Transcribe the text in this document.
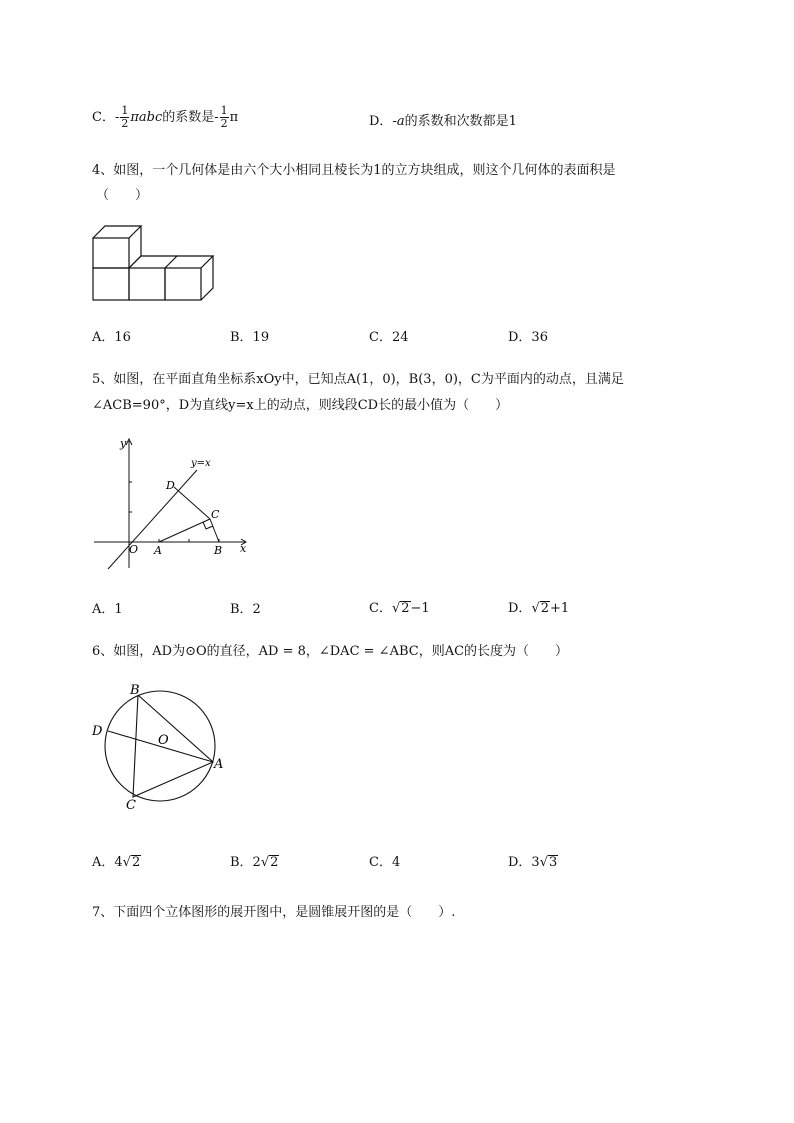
C．- $\frac{1}{2}$ πabc的系数是- $\frac{1}{2}$ π	D．-a的系数和次数都是1
4、如图，一个几何体是由六个大小相同且棱长为1的立方块组成，则这个几何体的表面积是
（　　）
A．16	B．19	C．24	D．36
5、如图，在平面直角坐标系xOy中，已知点A(1，0)，B(3，0)，C为平面内的动点，且满足
∠ACB=90°，D为直线y=x上的动点，则线段CD长的最小值为（　　）
y
y=x
D
C
O A	B x
A．1	B．2	C．√2−1	D．√2+1
6、如图，AD为⊙O的直径，AD = 8，∠DAC = ∠ABC，则AC的长度为（　　）
B
D
O
A
C
A．4√2	B．2√2	C．4	D．3√3
7、下面四个立体图形的展开图中，是圆锥展开图的是（　　）.
